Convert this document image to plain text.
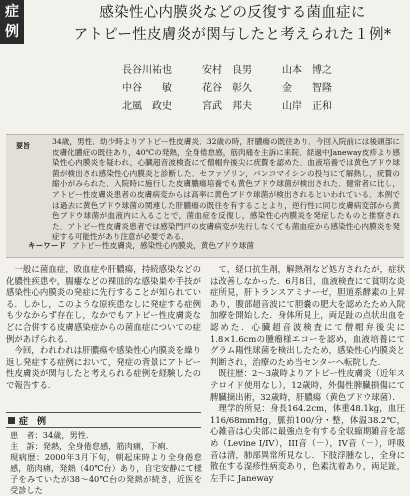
症
例
感染性心内膜炎などの反復する菌血症に
アトピー性皮膚炎が関与したと考えられた１例*
長谷川祐也	安村　良男	山本　博之
中谷　　敏	花谷　彰久	金　　智隆
北風　政史	宮武　邦夫	山岸　正和
要旨	34歳，男性．幼少時よりアトピー性皮膚炎．32歳の時，肝膿瘍の既往あり．今回入院前には後頭部に皮膚化膿症の既往あり，40℃の発熱，全身倦怠感，筋肉痛を主訴に来院．経過中Janeway皮疹より感染性心内膜炎を疑われ，心臓超音波検査にて僧帽弁後尖に疣贅を認めた．血液培養では黄色ブドウ球菌が検出され感染性心内膜炎と診断した．セファゾリン，バンコマイシンの投与にて解熱し，疣贅の縮小がみられた．入院時に施行した皮膚膿瘍培養でも黄色ブドウ球菌が検出された．健常者に比し，アトピー性皮膚炎患者の皮膚病変からは高率に黄色ブドウ球菌が検出されるといわれている．本例では過去に黄色ブドウ球菌の関連した肝膿瘍の既往を有することより，逆行性に同じ皮膚病変部から黄色ブドウ球菌が血液内に入ることで，菌血症を反復し，感染性心内膜炎を発症したものと推察された．アトピー性皮膚炎患者では感染門戸の皮膚病変が先行しなくても菌血症から感染性心内膜炎を発症する可能性があり注意が必要である．

キーワード アトピー性皮膚炎，感染性心内膜炎，黄色ブドウ球菌

一般に菌血症，敗血症や肝膿瘍，持続感染などの化膿性疾患や，腸瘻などの裸皿的な感染巣や手技が感染性心内膜炎の発症に先行することが知られている．しかし，このような原疾患なしに発症する症例も少なからず存在し，なかでもアトピー性皮膚炎などに合併する皮膚感染症からの菌血症についての症例があげられる．

今回，われわれは肝膿瘍や感染性心内膜炎を繰り返し発症する症例において，発症の背景にアトピー性皮膚炎が関与したと考えられる症例を経験したので報告する．

症　例
患　者：34歳，男性．
主　訴：発熱，全身倦怠感，筋肉痛，下痢．
現病歴：2000年3月下旬，朝起床時より全身倦怠感，筋肉痛，発熱（40℃台）あり，自宅安静にて様子をみていたが38〜40℃台の発熱が続き，近医を受診した

て，経口抗生剤，解熱剤など処方されたが，症状は改善しなかった．6月8日，血液検査にて貧明な炎症所見，肝トランスアミナーゼ，胆道系酵素の上昇あり，腹部超音波にて胆嚢の肥大を認めたため入院加療を開始した．身体所見上，両足趾の点状出血を認めた．心臓超音波検査にて僧帽弁後尖に1.8×1.6cmの腫瘤様エコーを認め，血液培養にてグラム陽性球菌を検出したため，感染性心内膜炎と判断され，治療のため当センターへ転院した．

既往歴：2〜3歳時よりアトピー性皮膚炎（近年ステロイド使用なし），12歳時，外傷性脾臓損傷にて脾臓摘出術，32歳時，肝膿瘍（黄色ブドウ球菌）．

理学的所見：身長164.2cm，体重48.1kg，血圧116/68mmHg，脈拍100/分・整，体温38.2℃，心雑音は心尖部に最強点を有する全収縮期雑音を認め（Levine I/IV），III音（－），IV音（－），呼吸音は清，肺部異常所見なし．下肢浮腫なし，全身に散在する湿疹性病変あり，色素沈着あり，両足趾，左手に Janeway
